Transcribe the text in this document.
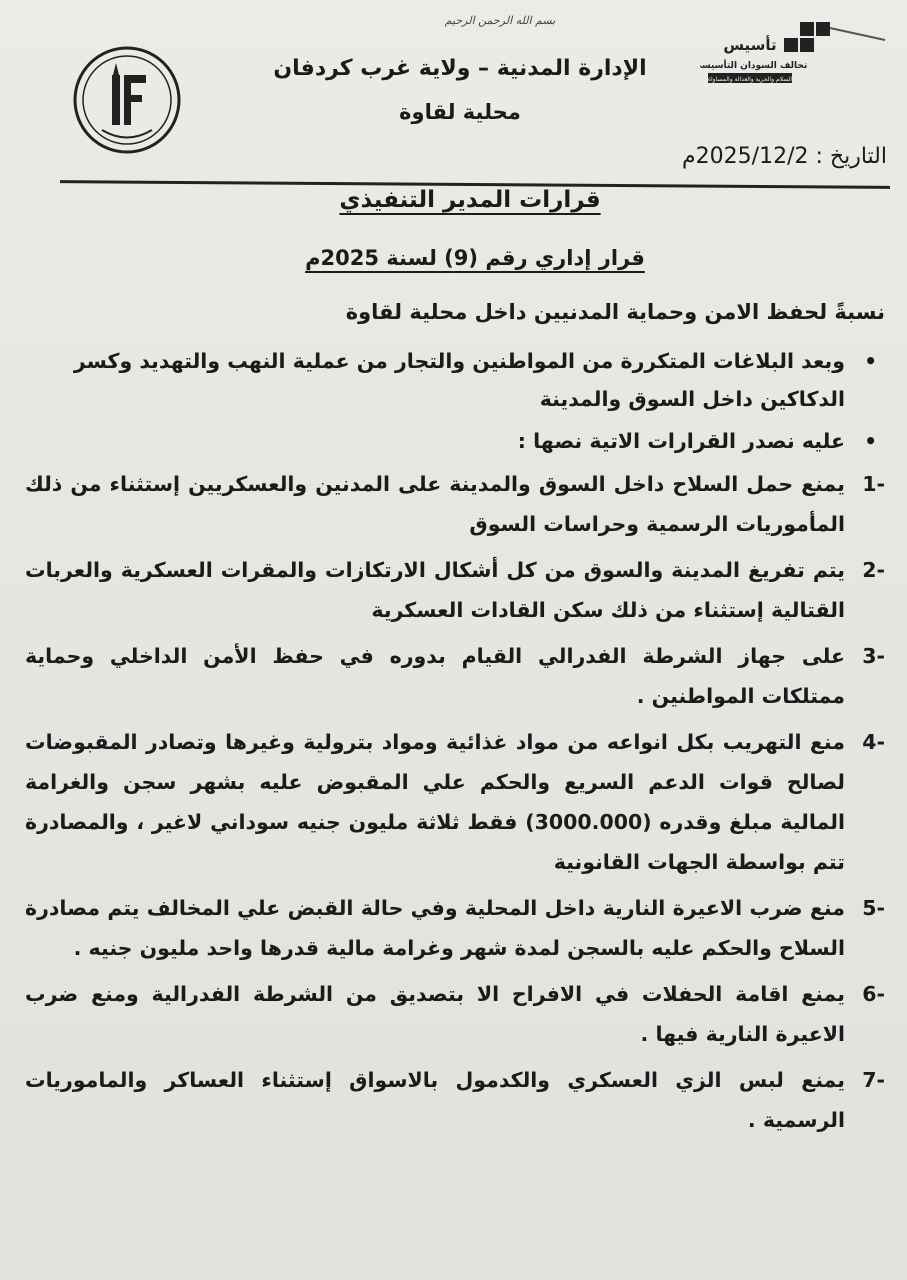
بسم الله الرحمن الرحيم
الإدارة المدنية – ولاية غرب كردفان
محلية لقاوة
تأسيس
تحالف السودان التأسيسي
السلام والحرية والعدالة والمساواة
التاريخ : 2025/12/2م
قرارات المدير التنفيذي
قرار إداري رقم (9) لسنة 2025م
نسبةً لحفظ الامن وحماية المدنيين داخل محلية لقاوة
• وبعد البلاغات المتكررة من المواطنين والتجار من عملية النهب والتهديد وكسر الدكاكين داخل السوق والمدينة
• عليه نصدر القرارات الاتية نصها :
-1
يمنع حمل السلاح داخل السوق والمدينة على المدنين والعسكريين إستثناء من ذلك المأموريات الرسمية وحراسات السوق
-2
يتم تفريغ المدينة والسوق من كل أشكال الارتكازات والمقرات العسكرية والعربات القتالية إستثناء من ذلك سكن القادات العسكرية
-3
على جهاز الشرطة الفدرالي القيام بدوره في حفظ الأمن الداخلي وحماية ممتلكات المواطنين .
-4
منع التهريب بكل انواعه من مواد غذائية ومواد بترولية وغيرها وتصادر المقبوضات لصالح قوات الدعم السريع والحكم علي المقبوض عليه بشهر سجن والغرامة المالية مبلغ وقدره (3000.000) فقط ثلاثة مليون جنيه سوداني لاغير ، والمصادرة تتم بواسطة الجهات القانونية
-5
منع ضرب الاعيرة النارية داخل المحلية وفي حالة القبض علي المخالف يتم مصادرة السلاح والحكم عليه بالسجن لمدة شهر وغرامة مالية قدرها واحد مليون جنيه .
-6
يمنع اقامة الحفلات في الافراح الا بتصديق من الشرطة الفدرالية ومنع ضرب الاعيرة النارية فيها .
-7
يمنع لبس الزي العسكري والكدمول بالاسواق إستثناء العساكر والماموريات الرسمية .
